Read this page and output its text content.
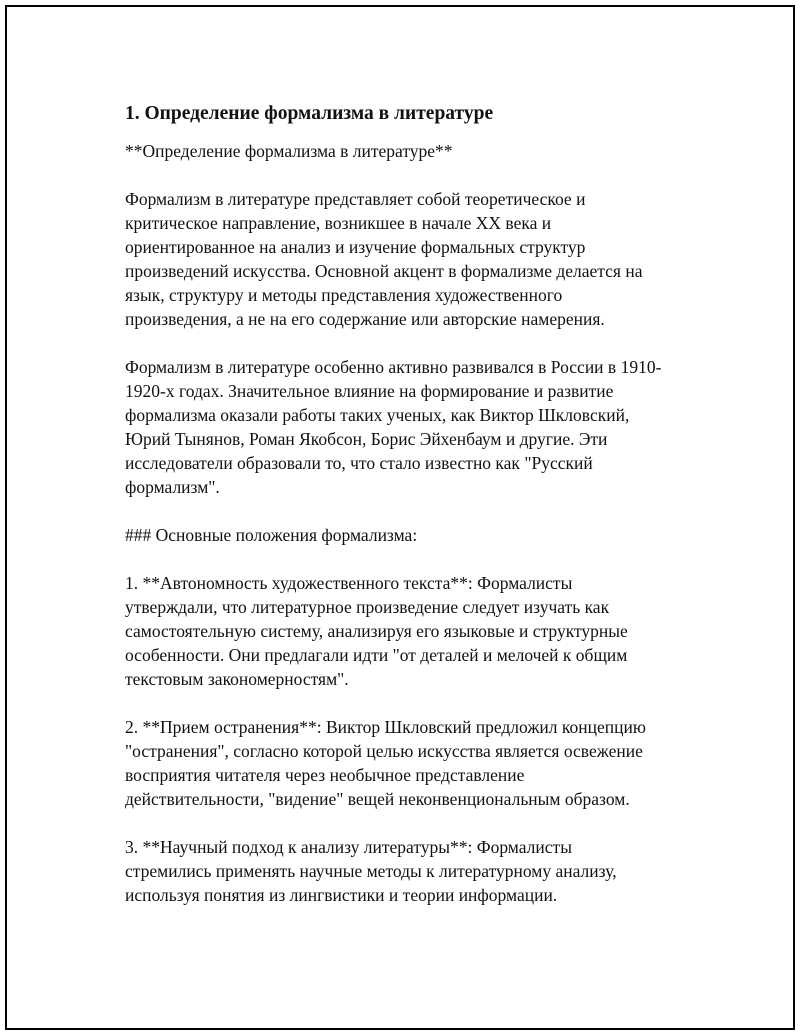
1. Определение формализма в литературе

**Определение формализма в литературе**

Формализм в литературе представляет собой теоретическое и
критическое направление, возникшее в начале XX века и
ориентированное на анализ и изучение формальных структур
произведений искусства. Основной акцент в формализме делается на
язык, структуру и методы представления художественного
произведения, а не на его содержание или авторские намерения.

Формализм в литературе особенно активно развивался в России в 1910-
1920-х годах. Значительное влияние на формирование и развитие
формализма оказали работы таких ученых, как Виктор Шкловский,
Юрий Тынянов, Роман Якобсон, Борис Эйхенбаум и другие. Эти
исследователи образовали то, что стало известно как "Русский
формализм".

### Основные положения формализма:

1. **Автономность художественного текста**: Формалисты
утверждали, что литературное произведение следует изучать как
самостоятельную систему, анализируя его языковые и структурные
особенности. Они предлагали идти "от деталей и мелочей к общим
текстовым закономерностям".

2. **Прием остранения**: Виктор Шкловский предложил концепцию
"остранения", согласно которой целью искусства является освежение
восприятия читателя через необычное представление
действительности, "видение" вещей неконвенциональным образом.

3. **Научный подход к анализу литературы**: Формалисты
стремились применять научные методы к литературному анализу,
используя понятия из лингвистики и теории информации.
